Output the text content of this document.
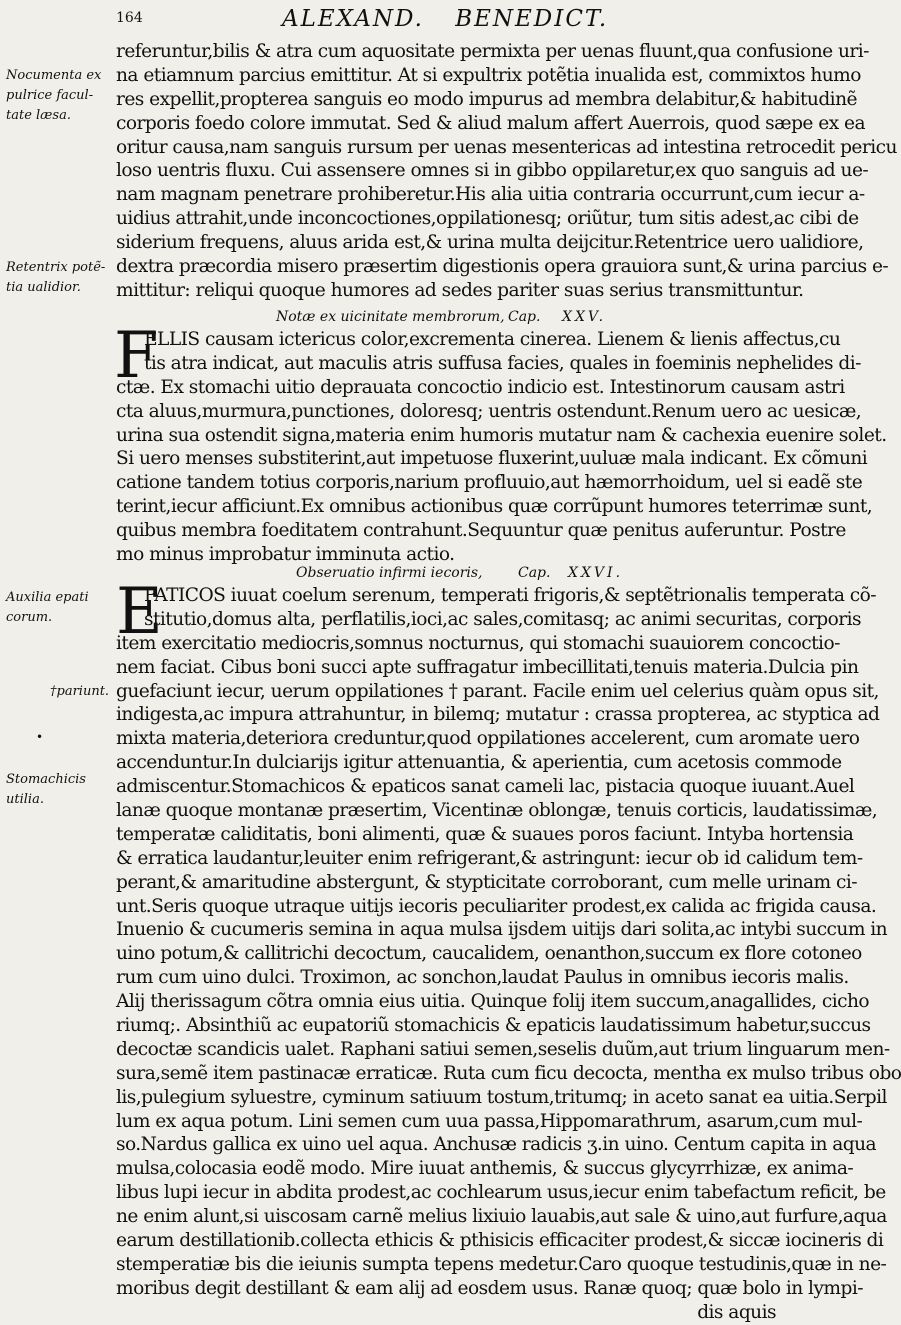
164	ALEXAND. BENEDICT.
Nocumenta ex
pulrice facul-
tate læsa.
Retentrix potẽ-
tia ualidior.
Auxilia epati
corum.
†pariunt.
•
Stomachicis
utilia.
referuntur,bilis & atra cum aquositate permixta per uenas fluunt,qua confusione uri-
na etiamnum parcius emittitur. At si expultrix potẽtia inualida est, commixtos humo
res expellit,propterea sanguis eo modo impurus ad membra delabitur,& habitudinẽ
corporis foedo colore immutat. Sed & aliud malum affert Auerrois, quod sæpe ex ea
oritur causa,nam sanguis rursum per uenas mesentericas ad intestina retrocedit pericu
loso uentris fluxu. Cui assensere omnes si in gibbo oppilaretur,ex quo sanguis ad ue-
nam magnam penetrare prohiberetur.His alia uitia contraria occurrunt,cum iecur a-
uidius attrahit,unde inconcoctiones,oppilationesq; oriũtur, tum sitis adest,ac cibi de
siderium frequens, aluus arida est,& urina multa deijcitur.Retentrice uero ualidiore,
dextra præcordia misero præsertim digestionis opera grauiora sunt,& urina parcius e-
mittitur: reliqui quoque humores ad sedes pariter suas serius transmittuntur.
Notæ ex uicinitate membrorum, Cap. XXV.
F
ELLIS causam ictericus color,excrementa cinerea. Lienem & lienis affectus,cu
tis atra indicat, aut maculis atris suffusa facies, quales in foeminis nephelides di-
ctæ. Ex stomachi uitio deprauata concoctio indicio est. Intestinorum causam astri
cta aluus,murmura,punctiones, doloresq; uentris ostendunt.Renum uero ac uesicæ,
urina sua ostendit signa,materia enim humoris mutatur nam & cachexia euenire solet.
Si uero menses substiterint,aut impetuose fluxerint,uuluæ mala indicant. Ex cõmuni
catione tandem totius corporis,narium profluuio,aut hæmorrhoidum, uel si eadẽ ste
terint,iecur afficiunt.Ex omnibus actionibus quæ corrũpunt humores teterrimæ sunt,
quibus membra foeditatem contrahunt.Sequuntur quæ penitus auferuntur. Postre
mo minus improbatur imminuta actio.
Obseruatio infirmi iecoris,	Cap. XXVI.
E
PATICOS iuuat coelum serenum, temperati frigoris,& septẽtrionalis temperata cõ-
stitutio,domus alta, perflatilis,ioci,ac sales,comitasq; ac animi securitas, corporis
item exercitatio mediocris,somnus nocturnus, qui stomachi suauiorem concoctio-
nem faciat. Cibus boni succi apte suffragatur imbecillitati,tenuis materia.Dulcia pin
guefaciunt iecur, uerum oppilationes † parant. Facile enim uel celerius quàm opus sit,
indigesta,ac impura attrahuntur, in bilemq; mutatur : crassa propterea, ac styptica ad
mixta materia,deteriora creduntur,quod oppilationes accelerent, cum aromate uero
accenduntur.In dulciarijs igitur attenuantia, & aperientia, cum acetosis commode
admiscentur.Stomachicos & epaticos sanat cameli lac, pistacia quoque iuuant.Auel
lanæ quoque montanæ præsertim, Vicentinæ oblongæ, tenuis corticis, laudatissimæ,
temperatæ caliditatis, boni alimenti, quæ & suaues poros faciunt. Intyba hortensia
& erratica laudantur,leuiter enim refrigerant,& astringunt: iecur ob id calidum tem-
perant,& amaritudine abstergunt, & stypticitate corroborant, cum melle urinam ci-
unt.Seris quoque utraque uitijs iecoris peculiariter prodest,ex calida ac frigida causa.
Inuenio & cucumeris semina in aqua mulsa ijsdem uitijs dari solita,ac intybi succum in
uino potum,& callitrichi decoctum, caucalidem, oenanthon,succum ex flore cotoneo
rum cum uino dulci. Troximon, ac sonchon,laudat Paulus in omnibus iecoris malis.
Alij therissagum cõtra omnia eius uitia. Quinque folij item succum,anagallides, cicho
riumq;. Absinthiũ ac eupatoriũ stomachicis & epaticis laudatissimum habetur,succus
decoctæ scandicis ualet. Raphani satiui semen,seselis duũm,aut trium linguarum men-
sura,semẽ item pastinacæ erraticæ. Ruta cum ficu decocta, mentha ex mulso tribus obo
lis,pulegium syluestre, cyminum satiuum tostum,tritumq; in aceto sanat ea uitia.Serpil
lum ex aqua potum. Lini semen cum uua passa,Hippomarathrum, asarum,cum mul-
so.Nardus gallica ex uino uel aqua. Anchusæ radicis ʒ.in uino. Centum capita in aqua
mulsa,colocasia eodẽ modo. Mire iuuat anthemis, & succus glycyrrhizæ, ex anima-
libus lupi iecur in abdita prodest,ac cochlearum usus,iecur enim tabefactum reficit, be
ne enim alunt,si uiscosam carnẽ melius lixiuio lauabis,aut sale & uino,aut furfure,aqua
earum destillationib.collecta ethicis & pthisicis efficaciter prodest,& siccæ iocineris di
stemperatiæ bis die ieiunis sumpta tepens medetur.Caro quoque testudinis,quæ in ne-
moribus degit destillant & eam alij ad eosdem usus. Ranæ quoq; quæ bolo in lympi-
dis aquis
